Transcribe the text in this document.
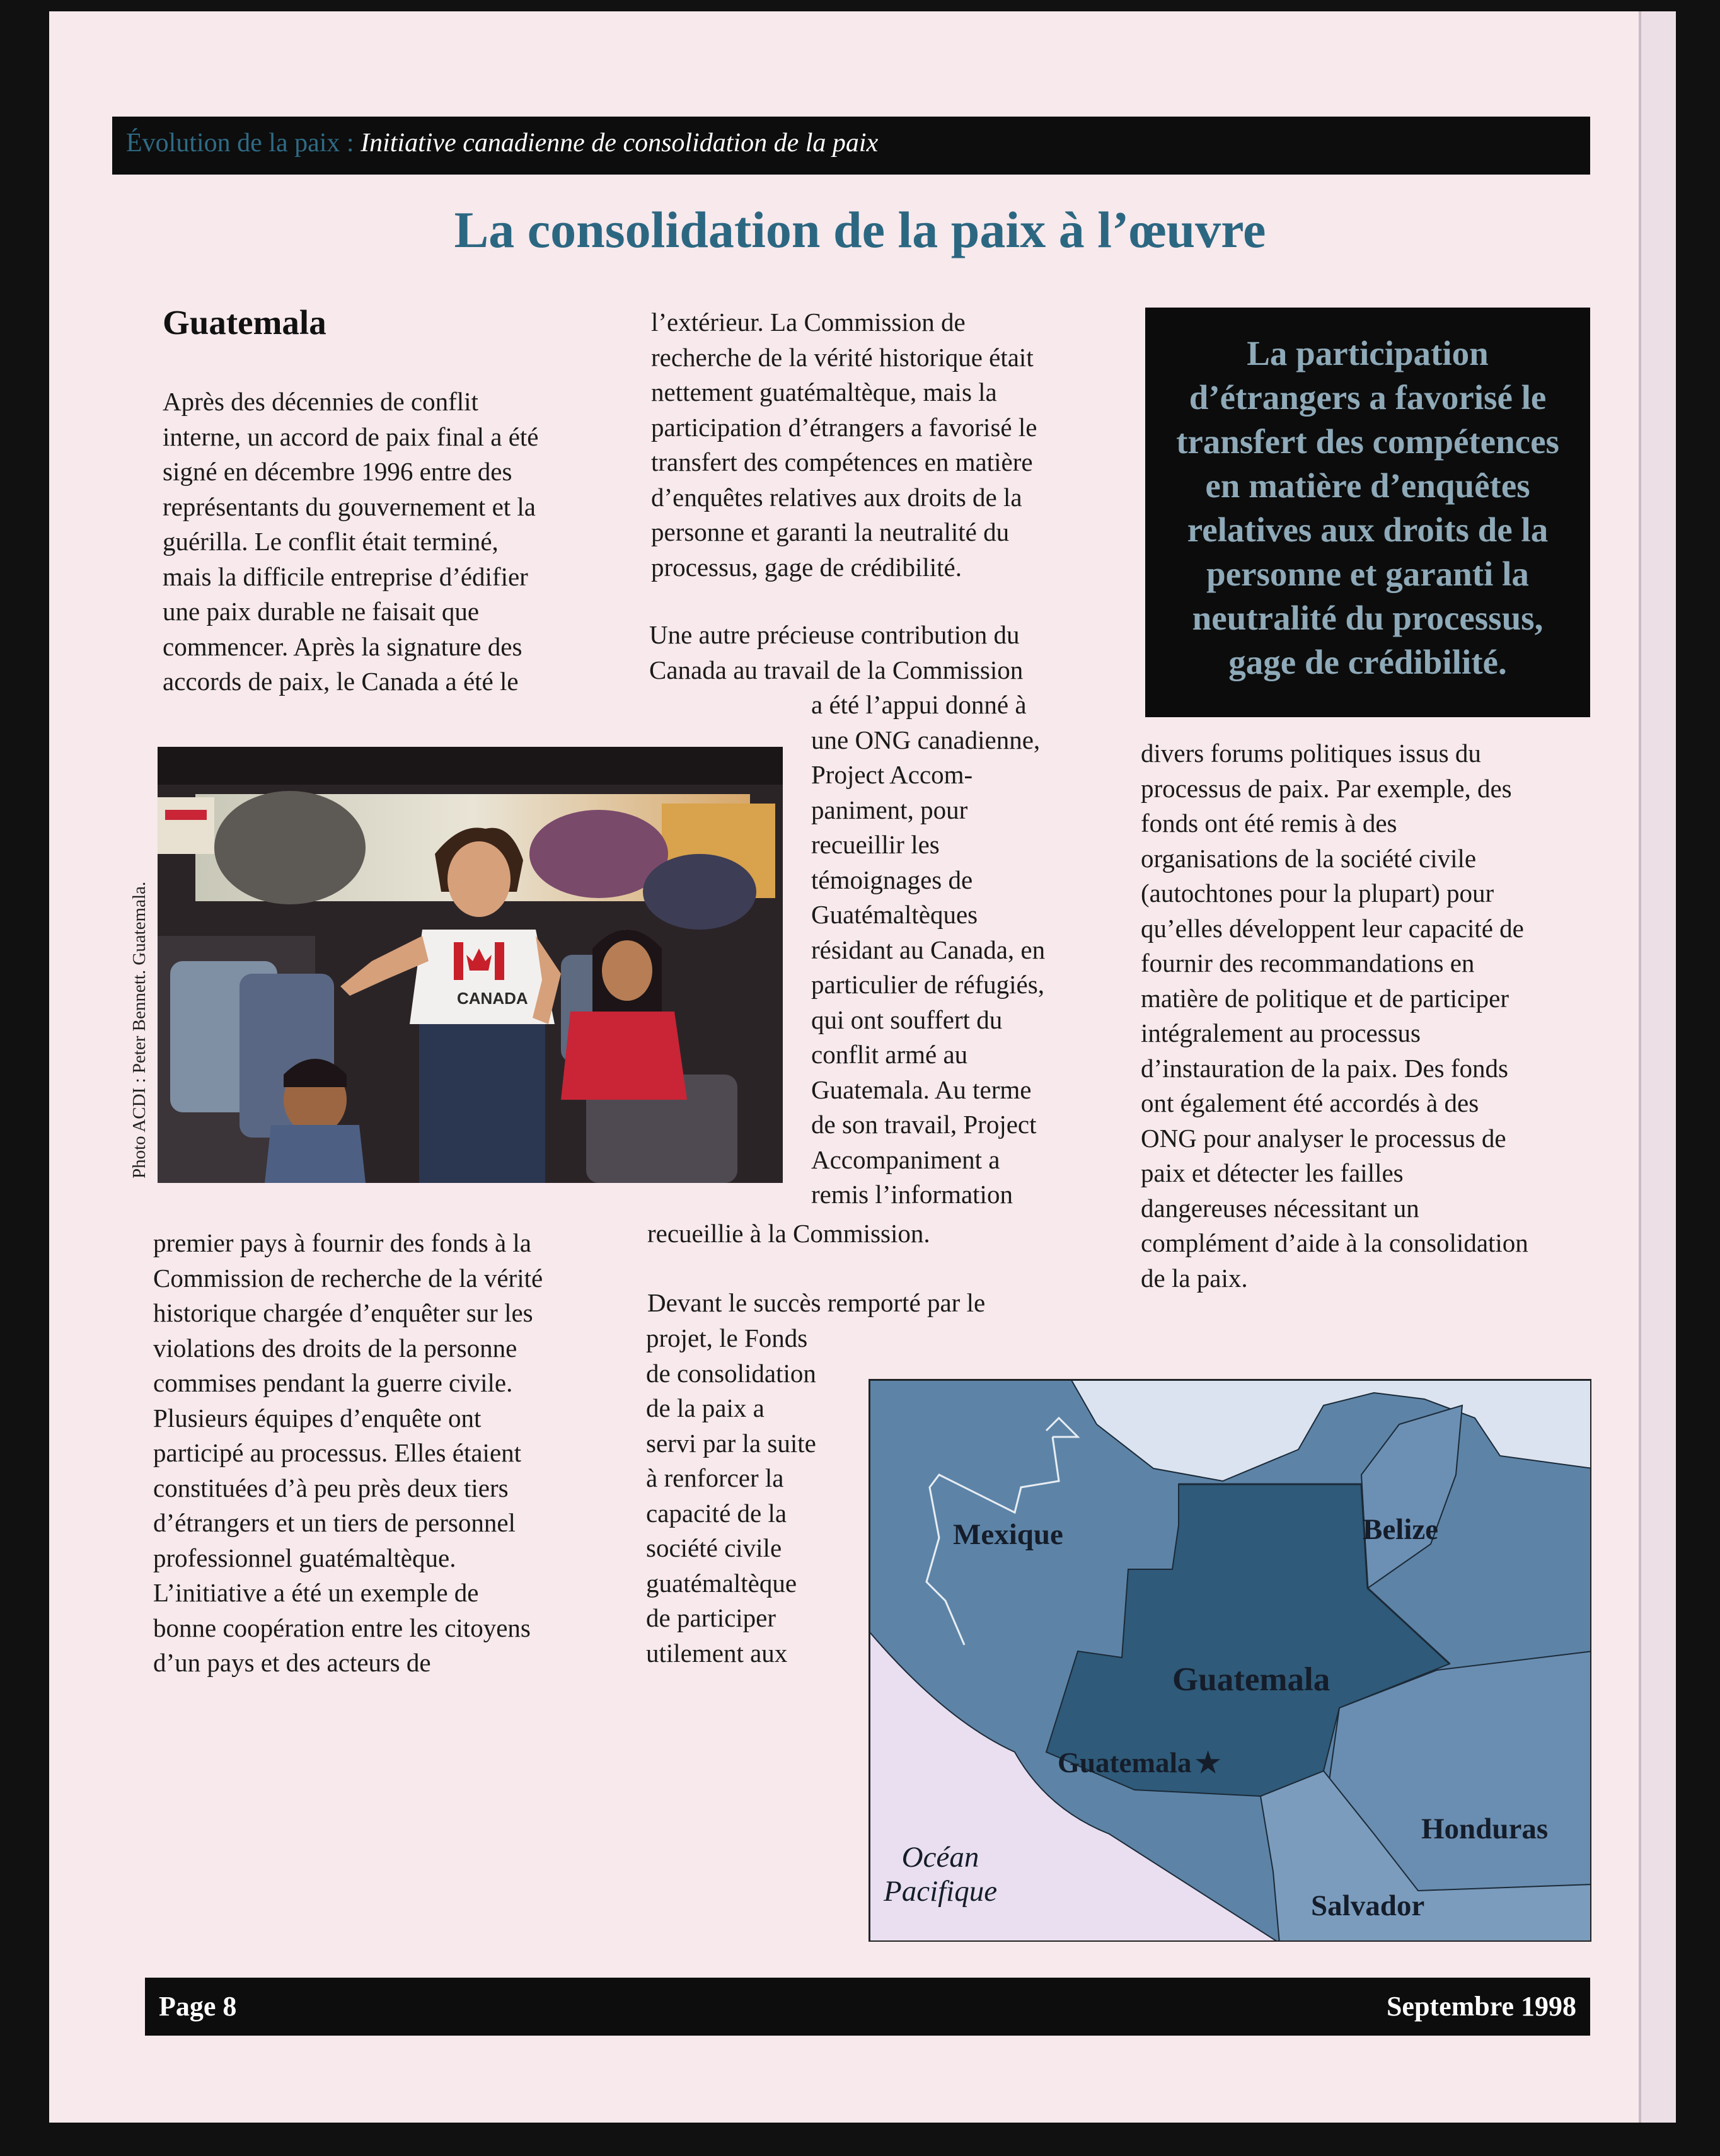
Évolution de la paix : Initiative canadienne de consolidation de la paix
La consolidation de la paix à l’œuvre
Guatemala
Après des décennies de conflit
interne, un accord de paix final a été
signé en décembre 1996 entre des
représentants du gouvernement et la
guérilla. Le conflit était terminé,
mais la difficile entreprise d’édifier
une paix durable ne faisait que
commencer. Après la signature des
accords de paix, le Canada a été le
CANADA
Photo ACDI : Peter Bennett. Guatemala.
premier pays à fournir des fonds à la
Commission de recherche de la vérité
historique chargée d’enquêter sur les
violations des droits de la personne
commises pendant la guerre civile.
Plusieurs équipes d’enquête ont
participé au processus. Elles étaient
constituées d’à peu près deux tiers
d’étrangers et un tiers de personnel
professionnel guatémaltèque.
L’initiative a été un exemple de
bonne coopération entre les citoyens
d’un pays et des acteurs de
l’extérieur. La Commission de
recherche de la vérité historique était
nettement guatémaltèque, mais la
participation d’étrangers a favorisé le
transfert des compétences en matière
d’enquêtes relatives aux droits de la
personne et garanti la neutralité du
processus, gage de crédibilité.
Une autre précieuse contribution du
Canada au travail de la Commission
a été l’appui donné à
une ONG canadienne,
Project Accom-
paniment, pour
recueillir les
témoignages de
Guatémaltèques
résidant au Canada, en
particulier de réfugiés,
qui ont souffert du
conflit armé au
Guatemala. Au terme
de son travail, Project
Accompaniment a
remis l’information
recueillie à la Commission.
Devant le succès remporté par le
projet, le Fonds
de consolidation
de la paix a
servi par la suite
à renforcer la
capacité de la
société civile
guatémaltèque
de participer
utilement aux
La participation
d’étrangers a favorisé le
transfert des compétences
en matière d’enquêtes
relatives aux droits de la
personne et garanti la
neutralité du processus,
gage de crédibilité.
divers forums politiques issus du
processus de paix. Par exemple, des
fonds ont été remis à des
organisations de la société civile
(autochtones pour la plupart) pour
qu’elles développent leur capacité de
fournir des recommandations en
matière de politique et de participer
intégralement au processus
d’instauration de la paix. Des fonds
ont également été accordés à des
ONG pour analyser le processus de
paix et détecter les failles
dangereuses nécessitant un
complément d’aide à la consolidation
de la paix.
Mexique	Belize
Guatemala
Guatemala ★
Honduras
Salvador
Océan
Pacifique
Page 8	Septembre 1998
